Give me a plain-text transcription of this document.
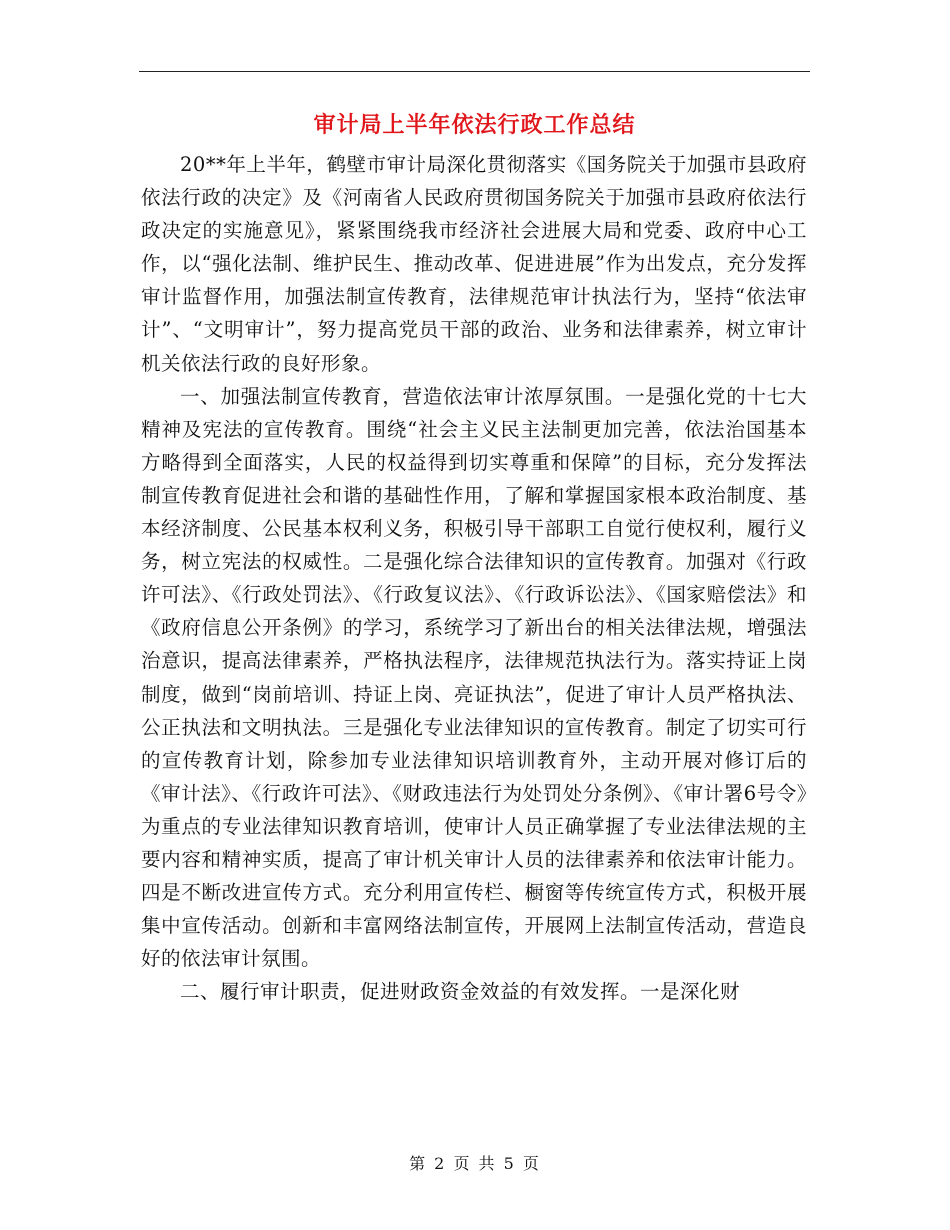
审计局上半年依法行政工作总结

20**年上半年，鹤壁市审计局深化贯彻落实《国务院关于加强市县政府依法行政的决定》及《河南省人民政府贯彻国务院关于加强市县政府依法行政决定的实施意见》，紧紧围绕我市经济社会进展大局和党委、政府中心工作，以“强化法制、维护民生、推动改革、促进进展”作为出发点，充分发挥审计监督作用，加强法制宣传教育，法律规范审计执法行为，坚持“依法审计”、“文明审计”，努力提高党员干部的政治、业务和法律素养，树立审计机关依法行政的良好形象。

一、加强法制宣传教育，营造依法审计浓厚氛围。一是强化党的十七大精神及宪法的宣传教育。围绕“社会主义民主法制更加完善，依法治国基本方略得到全面落实，人民的权益得到切实尊重和保障”的目标，充分发挥法制宣传教育促进社会和谐的基础性作用，了解和掌握国家根本政治制度、基本经济制度、公民基本权利义务，积极引导干部职工自觉行使权利，履行义务，树立宪法的权威性。二是强化综合法律知识的宣传教育。加强对《行政许可法》、《行政处罚法》、《行政复议法》、《行政诉讼法》、《国家赔偿法》和《政府信息公开条例》的学习，系统学习了新出台的相关法律法规，增强法治意识，提高法律素养，严格执法程序，法律规范执法行为。落实持证上岗制度，做到“岗前培训、持证上岗、亮证执法”，促进了审计人员严格执法、公正执法和文明执法。三是强化专业法律知识的宣传教育。制定了切实可行的宣传教育计划，除参加专业法律知识培训教育外，主动开展对修订后的《审计法》、《行政许可法》、《财政违法行为处罚处分条例》、《审计署6号令》为重点的专业法律知识教育培训，使审计人员正确掌握了专业法律法规的主要内容和精神实质，提高了审计机关审计人员的法律素养和依法审计能力。四是不断改进宣传方式。充分利用宣传栏、橱窗等传统宣传方式，积极开展集中宣传活动。创新和丰富网络法制宣传，开展网上法制宣传活动，营造良好的依法审计氛围。

二、履行审计职责，促进财政资金效益的有效发挥。一是深化财

第 2 页 共 5 页
